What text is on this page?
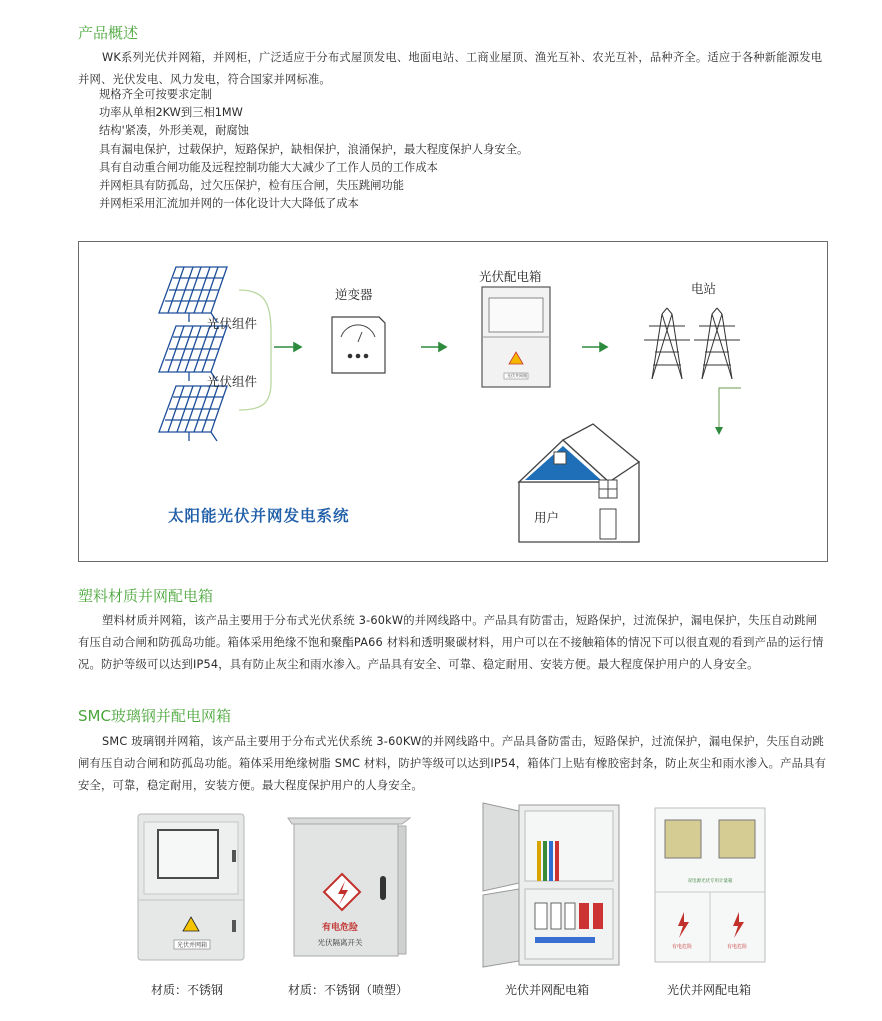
产品概述
WK系列光伏并网箱，并网柜，广泛适应于分布式屋顶发电、地面电站、工商业屋顶、渔光互补、农光互补，品种齐全。适应于各种新能源发电并网、光伏发电、风力发电，符合国家并网标准。
规格齐全可按要求定制
功率从单相2KW到三相1MW
结构'紧凑，外形美观，耐腐蚀
具有漏电保护，过载保护，短路保护，缺相保护，浪涌保护，最大程度保护人身安全。
具有自动重合闸功能及远程控制功能大大减少了工作人员的工作成本
并网柜具有防孤岛，过欠压保护，检有压合闸，失压跳闸功能
并网柜采用汇流加并网的一体化设计大大降低了成本
光伏组件
光伏组件
逆变器
光伏配电箱
光伏并网箱
电站
用户
太阳能光伏并网发电系统
塑料材质并网配电箱
塑料材质并网箱，该产品主要用于分布式光伏系统 3-60kW的并网线路中。产品具有防雷击，短路保护，过流保护，漏电保护，失压自动跳闸有压自动合闸和防孤岛功能。箱体采用绝缘不饱和聚酯PA66 材料和透明聚碳材料，用户可以在不接触箱体的情况下可以很直观的看到产品的运行情况。防护等级可以达到IP54，具有防止灰尘和雨水渗入。产品具有安全、可靠、稳定耐用、安装方便。最大程度保护用户的人身安全。
SMC玻璃钢并配电网箱
SMC 玻璃钢并网箱，该产品主要用于分布式光伏系统 3-60KW的并网线路中。产品具备防雷击，短路保护，过流保护，漏电保护，失压自动跳闸有压自动合闸和防孤岛功能。箱体采用绝缘树脂 SMC 材料，防护等级可以达到IP54，箱体门上贴有橡胶密封条，防止灰尘和雨水渗入。产品具有安全，可靠，稳定耐用，安装方便。最大程度保护用户的人身安全。
光伏并网箱
有电危险
光伏隔离开关
双电源光伏专用计量箱
有电危险	有电危险
材质：不锈钢	材质：不锈钢（喷塑）	光伏并网配电箱	光伏并网配电箱
